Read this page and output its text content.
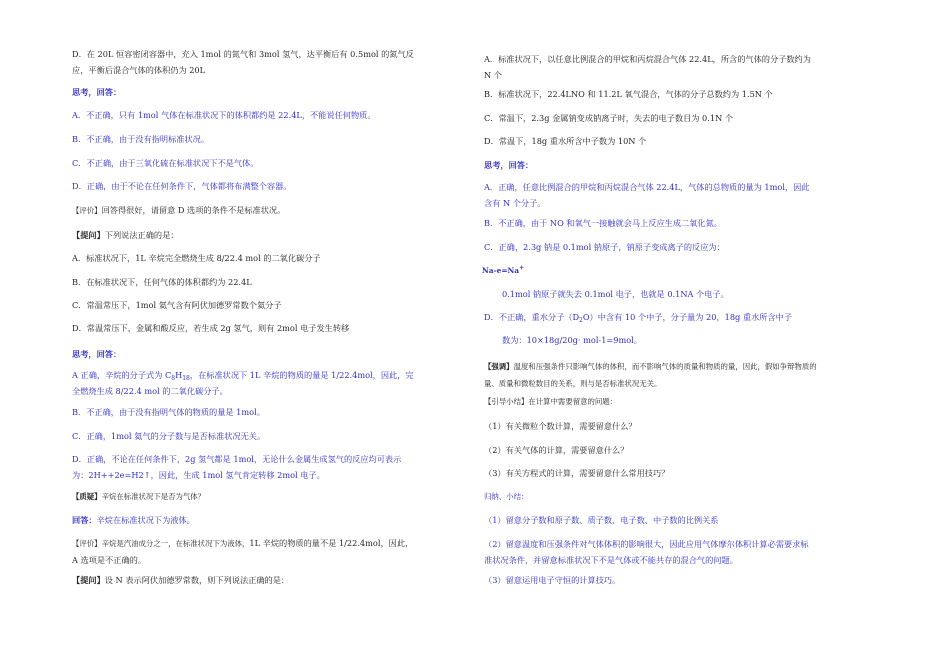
D．在 20L 恒容密闭容器中，充入 1mol 的氮气和 3mol 氢气，达平衡后有 0.5mol 的氮气反
应，平衡后混合气体的体积仍为 20L

思考，回答：

A．不正确，只有 1mol 气体在标准状况下的体积都约是 22.4L，不能说任何物质。

B．不正确，由于没有指明标准状况。

C．不正确，由于三氧化硫在标准状况下不是气体。

D．正确，由于不论在任何条件下，气体都将布满整个容器。

【评价】回答得很好，请留意 D 选项的条件不是标准状况。

【提问】下列说法正确的是：

A．标准状况下，1L 辛烷完全燃烧生成 8/22.4 mol 的二氧化碳分子

B．在标准状况下，任何气体的体积都约为 22.4L

C．常温常压下，1mol 氦气含有阿伏加德罗常数个氦分子

D．常温常压下，金属和酸反应，若生成 2g 氢气，则有 2mol 电子发生转移

思考，回答：

A 正确，辛烷的分子式为 $C_8H_{18}$，在标准状况下 1L 辛烷的物质的量是 1/22.4mol，因此，完
全燃烧生成 8/22.4 mol 的二氧化碳分子。

B．不正确，由于没有指明气体的物质的量是 1mol。

C．正确，1mol 氦气的分子数与是否标准状况无关。

D．正确，不论在任何条件下，2g 氢气都是 1mol，无论什么金属生成氢气的反应均可表示
为：2H++2e=H2↑，因此，生成 1mol 氢气肯定转移 2mol 电子。

【质疑】辛烷在标准状况下是否为气体？

回答：辛烷在标准状况下为液体。

【评价】辛烷是汽油成分之一，在标准状况下为液体，1L 辛烷的物质的量不是 1/22.4mol，因此，
A 选项是不正确的。

【提问】设 N 表示阿伏加德罗常数，则下列说法正确的是：

A．标准状况下，以任意比例混合的甲烷和丙烷混合气体 22.4L，所含的气体的分子数约为
N 个

B．标准状况下，22.4LNO 和 11.2L 氧气混合，气体的分子总数约为 1.5N 个

C．常温下，2.3g 金属钠变成钠离子时，失去的电子数目为 0.1N 个

D．常温下，18g 重水所含中子数为 10N 个

思考，回答：

A．正确，任意比例混合的甲烷和丙烷混合气体 22.4L，气体的总物质的量为 1mol，因此
含有 N 个分子。

B．不正确，由于 NO 和氧气一接触就会马上反应生成二氧化氮。

C．正确，2.3g 钠是 0.1mol 钠原子，钠原子变成离子的反应为：

Na-e=Na+

0.1mol 钠原子就失去 0.1mol 电子，也就是 0.1NA 个电子。

D．不正确，重水分子$(D_2O)$中含有 10 个中子，分子量为 20，18g 重水所含中子

数为：10×18g/20g· mol-1=9mol。

【强调】温度和压强条件只影响气体的体积，而不影响气体的质量和物质的量，因此，假如争辩物质的
量、质量和微粒数目的关系，则与是否标准状况无关。

【引导小结】在计算中需要留意的问题：

（1）有关微粒个数计算，需要留意什么？

（2）有关气体的计算，需要留意什么？

（3）有关方程式的计算，需要留意什么常用技巧？

归纳、小结：

（1）留意分子数和原子数、质子数、电子数、中子数的比例关系

（2）留意温度和压强条件对气体体积的影响很大，因此应用气体摩尔体积计算必需要求标
准状况条件，并留意标准状况下不是气体或不能共存的混合气的问题。

（3）留意运用电子守恒的计算技巧。
